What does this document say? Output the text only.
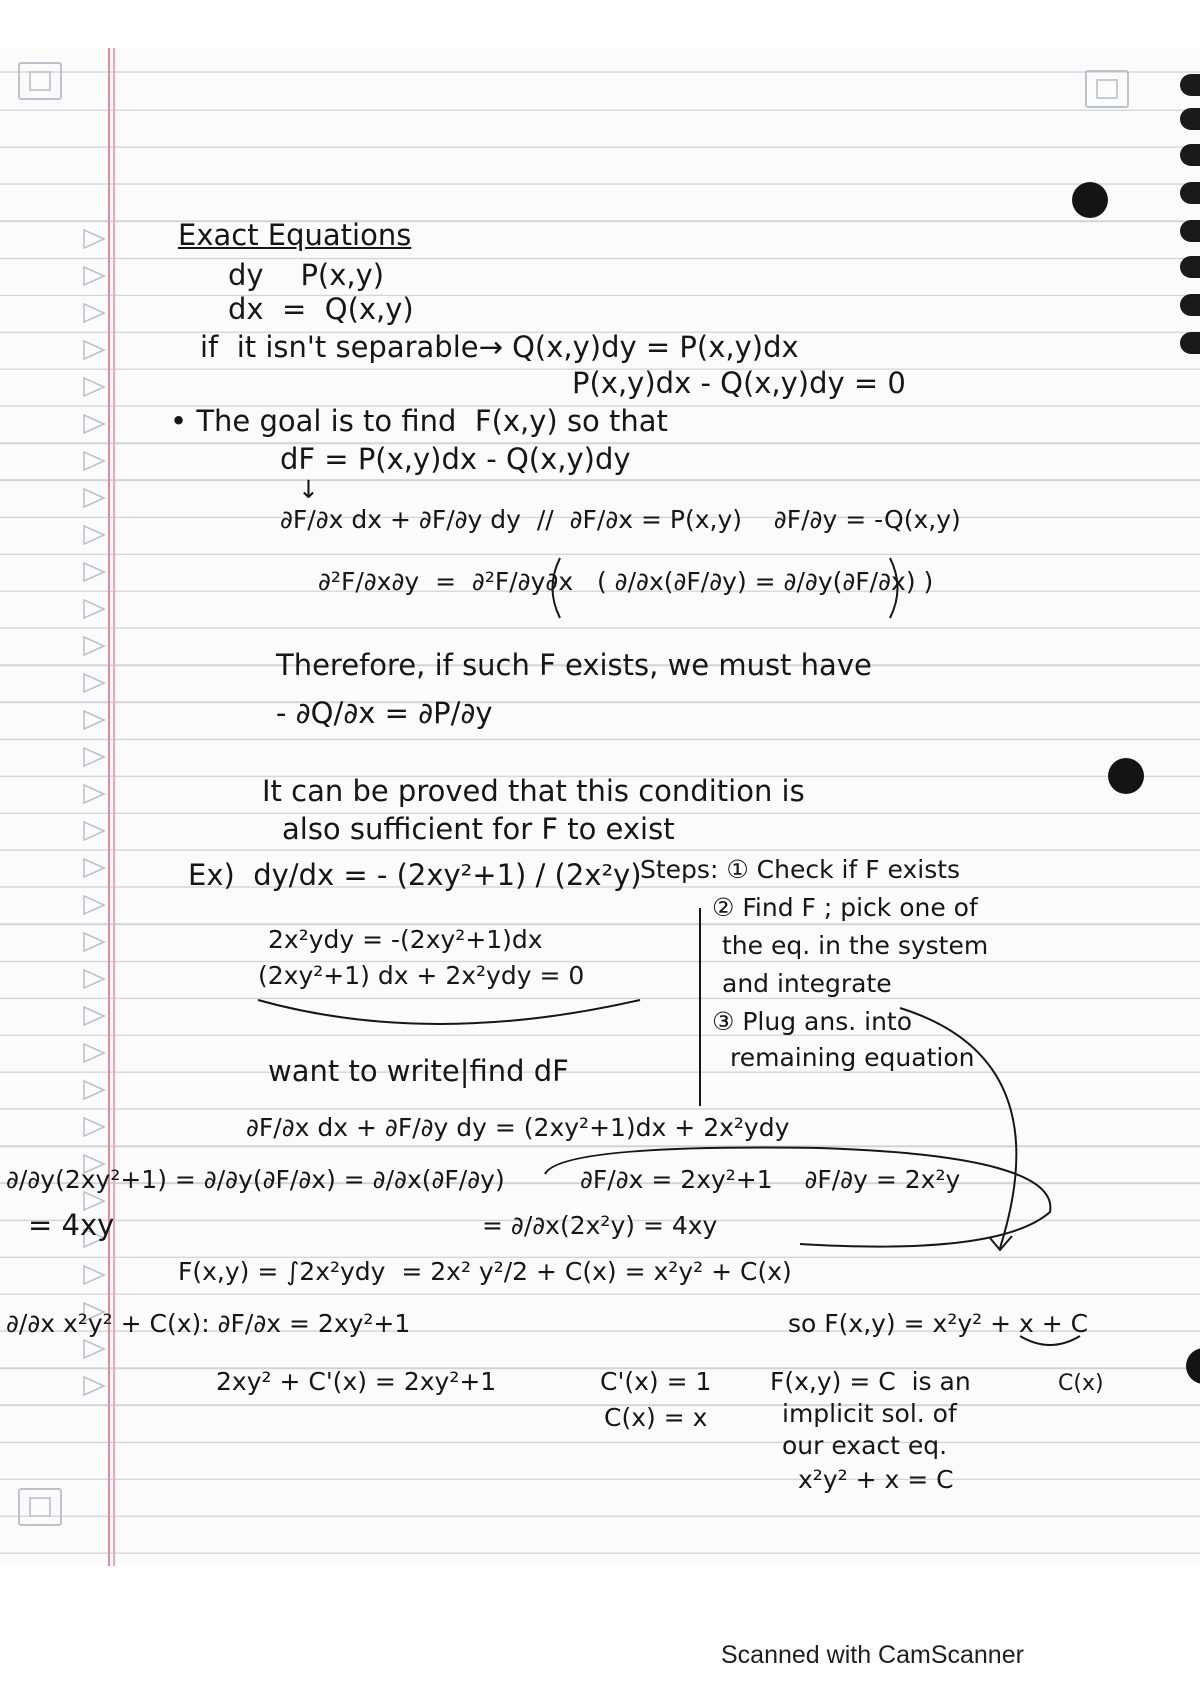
Exact Equations

dy    P(x,y)

dx  =  Q(x,y)

if  it isn't separable→ Q(x,y)dy = P(x,y)dx

P(x,y)dx - Q(x,y)dy = 0

• The goal is to find  F(x,y) so that

dF = P(x,y)dx - Q(x,y)dy

↓

∂F/∂x dx + ∂F/∂y dy  //  ∂F/∂x = P(x,y)    ∂F/∂y = -Q(x,y)

∂²F/∂x∂y  =  ∂²F/∂y∂x   ( ∂/∂x(∂F/∂y) = ∂/∂y(∂F/∂x) )

Therefore, if such F exists, we must have

- ∂Q/∂x = ∂P/∂y

It can be proved that this condition is

also sufficient for F to exist

Ex)  dy/dx = - (2xy²+1) / (2x²y)

2x²ydy = -(2xy²+1)dx

(2xy²+1) dx + 2x²ydy = 0

want to write|find dF

Steps: ① Check if F exists

② Find F ; pick one of

the eq. in the system

and integrate

③ Plug ans. into

remaining equation

∂F/∂x dx + ∂F/∂y dy = (2xy²+1)dx + 2x²ydy

∂/∂y(2xy²+1) = ∂/∂y(∂F/∂x) = ∂/∂x(∂F/∂y)	∂F/∂x = 2xy²+1    ∂F/∂y = 2x²y

= 4xy	= ∂/∂x(2x²y) = 4xy

F(x,y) = ∫2x²ydy  = 2x² y²/2 + C(x) = x²y² + C(x)

∂/∂x x²y² + C(x): ∂F/∂x = 2xy²+1	so F(x,y) = x²y² + x + C

2xy² + C'(x) = 2xy²+1	C'(x) = 1

C(x) = x

F(x,y) = C  is an

implicit sol. of

our exact eq.

x²y² + x = C

C(x)

Scanned with CamScanner
